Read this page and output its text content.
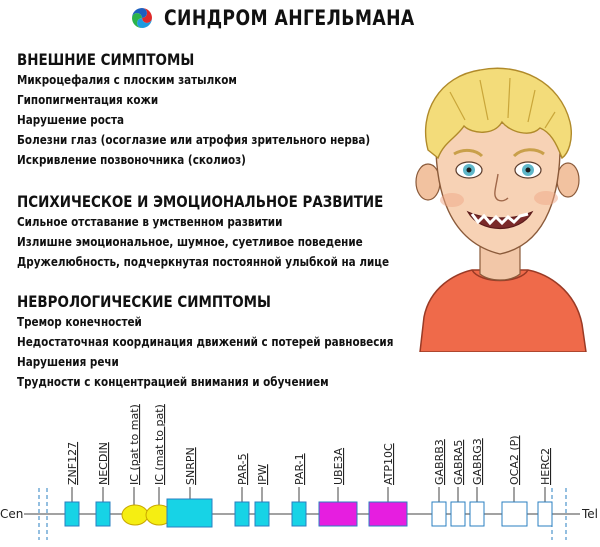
СИНДРОМ АНГЕЛЬМАНА
ВНЕШНИЕ СИМПТОМЫ
Микроцефалия с плоским затылком
Гипопигментация кожи
Нарушение роста
Болезни глаз (осоглазие или атрофия зрительного нерва)
Искривление позвоночника (сколиоз)
ПСИХИЧЕСКОЕ И ЭМОЦИОНАЛЬНОЕ РАЗВИТИЕ
Сильное отставание в умственном развитии
Излишне эмоциональное, шумное, суетливое поведение
Дружелюбность, подчеркнутая постоянной улыбкой на лице
НЕВРОЛОГИЧЕСКИЕ СИМПТОМЫ
Тремор конечностей
Недостаточная координация движений с потерей равновесия
Нарушения речи
Трудности с концентрацией внимания и обучением
Cen	Tel
ZNF127 NECDIN IC (pat to mat) IC (mat to pat) SNRPN	PAR-5 IPW PAR-1 UBE3A	ATP10C	GABRB3 GABRA5 GABRG3 OCA2 (P) HERC2
